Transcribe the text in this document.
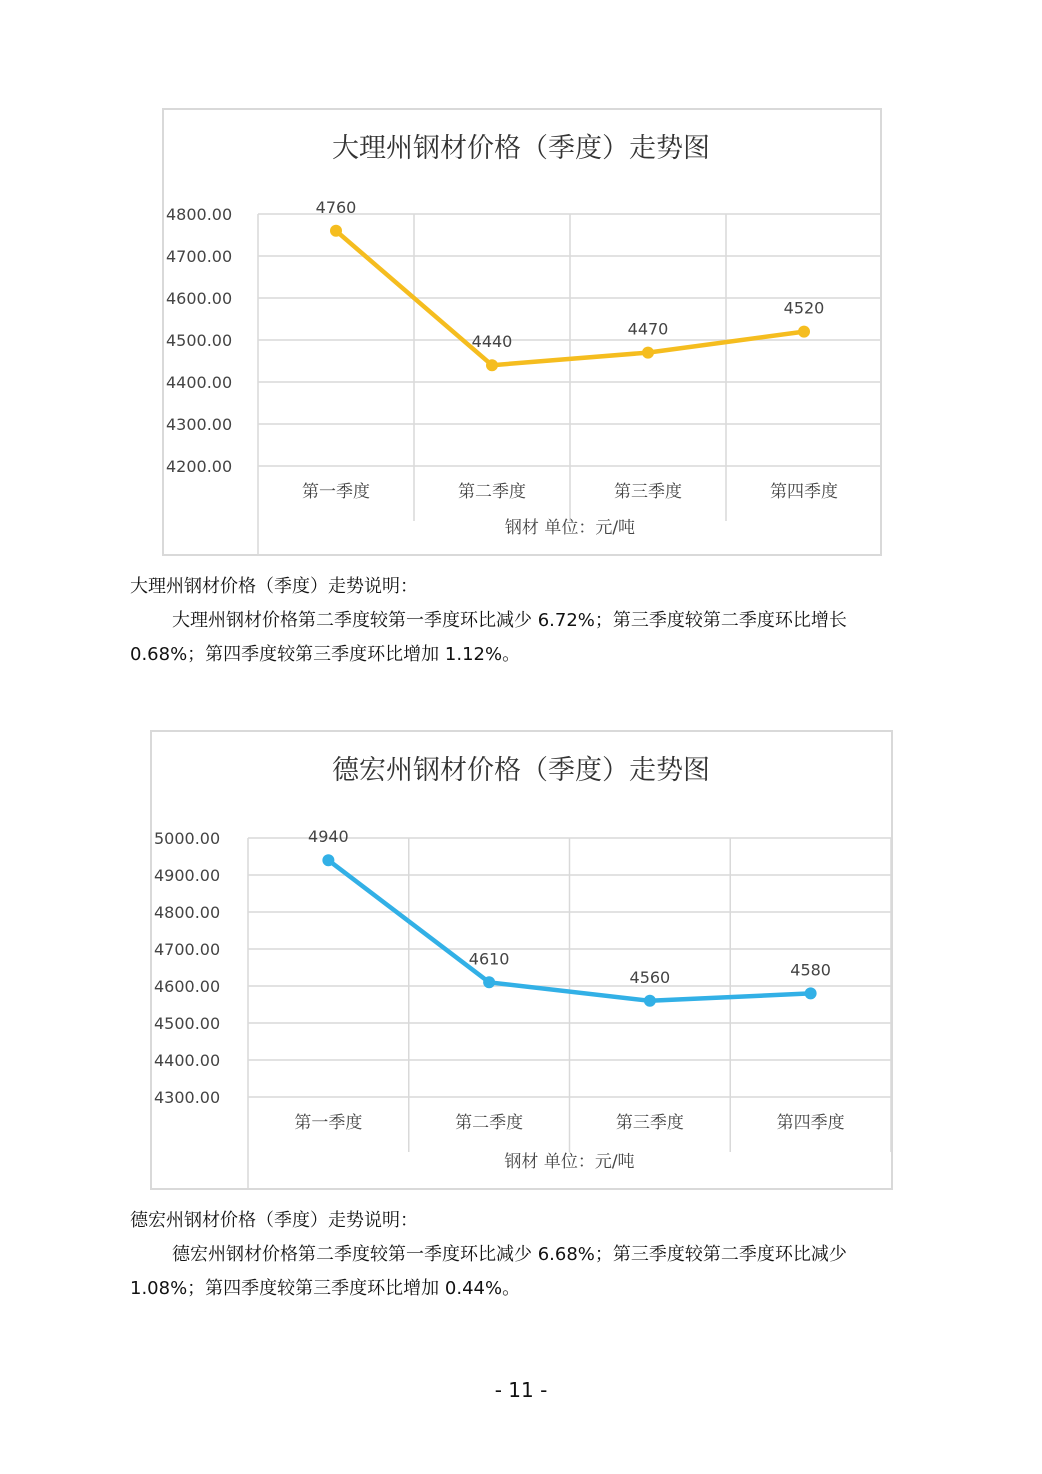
4800.00
4700.00
4600.00
4500.00
4400.00
4300.00
4200.00
第一季度	第二季度	第三季度	第四季度
钢材 单位：元/吨
4760
4440
4470
4520
大理州钢材价格（季度）走势图

大理州钢材价格（季度）走势说明：

大理州钢材价格第二季度较第一季度环比减少 6.72%；第三季度较第二季度环比增长 0.68%；第四季度较第三季度环比增加 1.12%。

5000.00
4900.00
4800.00
4700.00
4600.00
4500.00
4400.00
4300.00
第一季度	第二季度	第三季度	第四季度
钢材 单位：元/吨
4940
4610
4560	4580
德宏州钢材价格（季度）走势图

德宏州钢材价格（季度）走势说明：

德宏州钢材价格第二季度较第一季度环比减少 6.68%；第三季度较第二季度环比减少 1.08%；第四季度较第三季度环比增加 0.44%。

- 11 -
